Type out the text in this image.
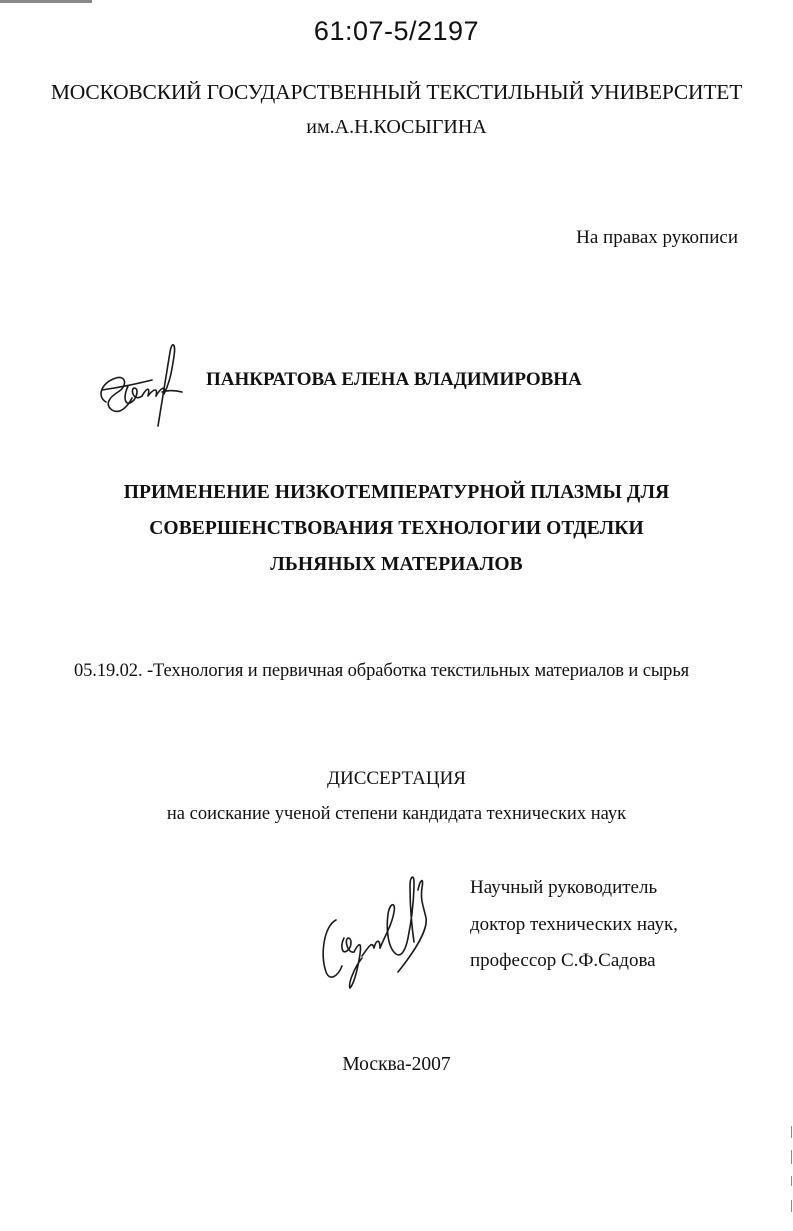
61:07-5/2197
МОСКОВСКИЙ ГОСУДАРСТВЕННЫЙ ТЕКСТИЛЬНЫЙ УНИВЕРСИТЕТ
им.А.Н.КОСЫГИНА
На правах рукописи
ПАНКРАТОВА ЕЛЕНА ВЛАДИМИРОВНА
ПРИМЕНЕНИЕ НИЗКОТЕМПЕРАТУРНОЙ ПЛАЗМЫ ДЛЯ
СОВЕРШЕНСТВОВАНИЯ ТЕХНОЛОГИИ ОТДЕЛКИ
ЛЬНЯНЫХ МАТЕРИАЛОВ
05.19.02. -Технология и первичная обработка текстильных материалов и сырья
ДИССЕРТАЦИЯ
на соискание ученой степени кандидата технических наук
Научный руководитель
доктор технических наук,
профессор С.Ф.Садова
Москва-2007
